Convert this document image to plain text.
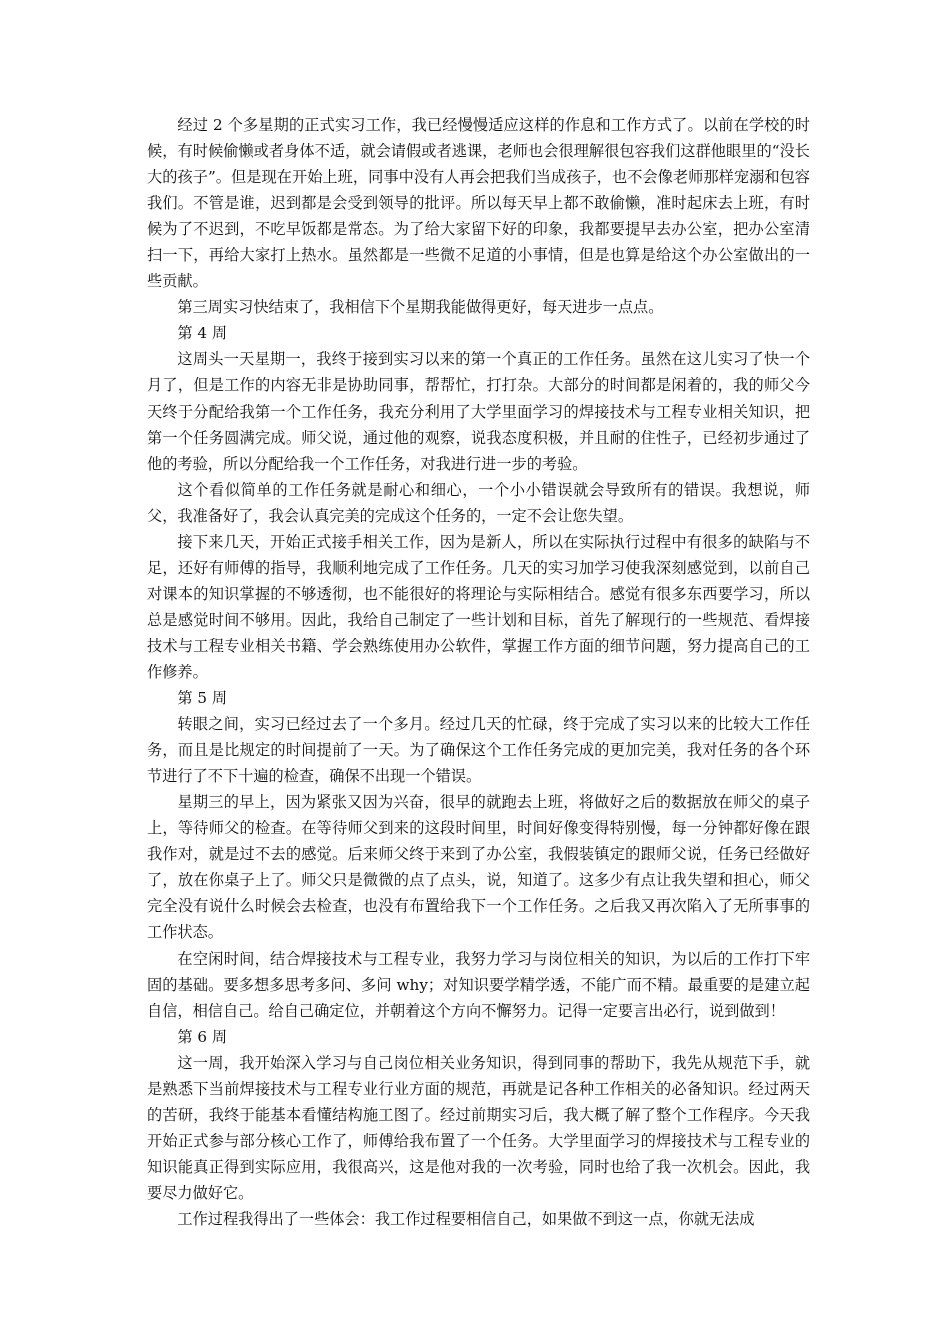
经过 2 个多星期的正式实习工作，我已经慢慢适应这样的作息和工作方式了。以前在学校的时候，有时候偷懒或者身体不适，就会请假或者逃课，老师也会很理解很包容我们这群他眼里的“没长大的孩子”。但是现在开始上班，同事中没有人再会把我们当成孩子，也不会像老师那样宠溺和包容我们。不管是谁，迟到都是会受到领导的批评。所以每天早上都不敢偷懒，准时起床去上班，有时候为了不迟到，不吃早饭都是常态。为了给大家留下好的印象，我都要提早去办公室，把办公室清扫一下，再给大家打上热水。虽然都是一些微不足道的小事情，但是也算是给这个办公室做出的一些贡献。

第三周实习快结束了，我相信下个星期我能做得更好，每天进步一点点。

第 4 周

这周头一天星期一，我终于接到实习以来的第一个真正的工作任务。虽然在这儿实习了快一个月了，但是工作的内容无非是协助同事，帮帮忙，打打杂。大部分的时间都是闲着的，我的师父今天终于分配给我第一个工作任务，我充分利用了大学里面学习的焊接技术与工程专业相关知识，把第一个任务圆满完成。师父说，通过他的观察，说我态度积极，并且耐的住性子，已经初步通过了他的考验，所以分配给我一个工作任务，对我进行进一步的考验。

这个看似简单的工作任务就是耐心和细心，一个小小错误就会导致所有的错误。我想说，师父，我准备好了，我会认真完美的完成这个任务的，一定不会让您失望。

接下来几天，开始正式接手相关工作，因为是新人，所以在实际执行过程中有很多的缺陷与不足，还好有师傅的指导，我顺利地完成了工作任务。几天的实习加学习使我深刻感觉到，以前自己对课本的知识掌握的不够透彻，也不能很好的将理论与实际相结合。感觉有很多东西要学习，所以总是感觉时间不够用。因此，我给自己制定了一些计划和目标，首先了解现行的一些规范、看焊接技术与工程专业相关书籍、学会熟练使用办公软件，掌握工作方面的细节问题，努力提高自己的工作修养。

第 5 周

转眼之间，实习已经过去了一个多月。经过几天的忙碌，终于完成了实习以来的比较大工作任务，而且是比规定的时间提前了一天。为了确保这个工作任务完成的更加完美，我对任务的各个环节进行了不下十遍的检查，确保不出现一个错误。

星期三的早上，因为紧张又因为兴奋，很早的就跑去上班，将做好之后的数据放在师父的桌子上，等待师父的检查。在等待师父到来的这段时间里，时间好像变得特别慢，每一分钟都好像在跟我作对，就是过不去的感觉。后来师父终于来到了办公室，我假装镇定的跟师父说，任务已经做好了，放在你桌子上了。师父只是微微的点了点头，说，知道了。这多少有点让我失望和担心，师父完全没有说什么时候会去检查，也没有布置给我下一个工作任务。之后我又再次陷入了无所事事的工作状态。

在空闲时间，结合焊接技术与工程专业，我努力学习与岗位相关的知识，为以后的工作打下牢固的基础。要多想多思考多问、多问 why；对知识要学精学透，不能广而不精。最重要的是建立起自信，相信自己。给自己确定位，并朝着这个方向不懈努力。记得一定要言出必行，说到做到！

第 6 周

这一周，我开始深入学习与自己岗位相关业务知识，得到同事的帮助下，我先从规范下手，就是熟悉下当前焊接技术与工程专业行业方面的规范，再就是记各种工作相关的必备知识。经过两天的苦研，我终于能基本看懂结构施工图了。经过前期实习后，我大概了解了整个工作程序。今天我开始正式参与部分核心工作了，师傅给我布置了一个任务。大学里面学习的焊接技术与工程专业的知识能真正得到实际应用，我很高兴，这是他对我的一次考验，同时也给了我一次机会。因此，我要尽力做好它。

工作过程我得出了一些体会：我工作过程要相信自己，如果做不到这一点，你就无法成
